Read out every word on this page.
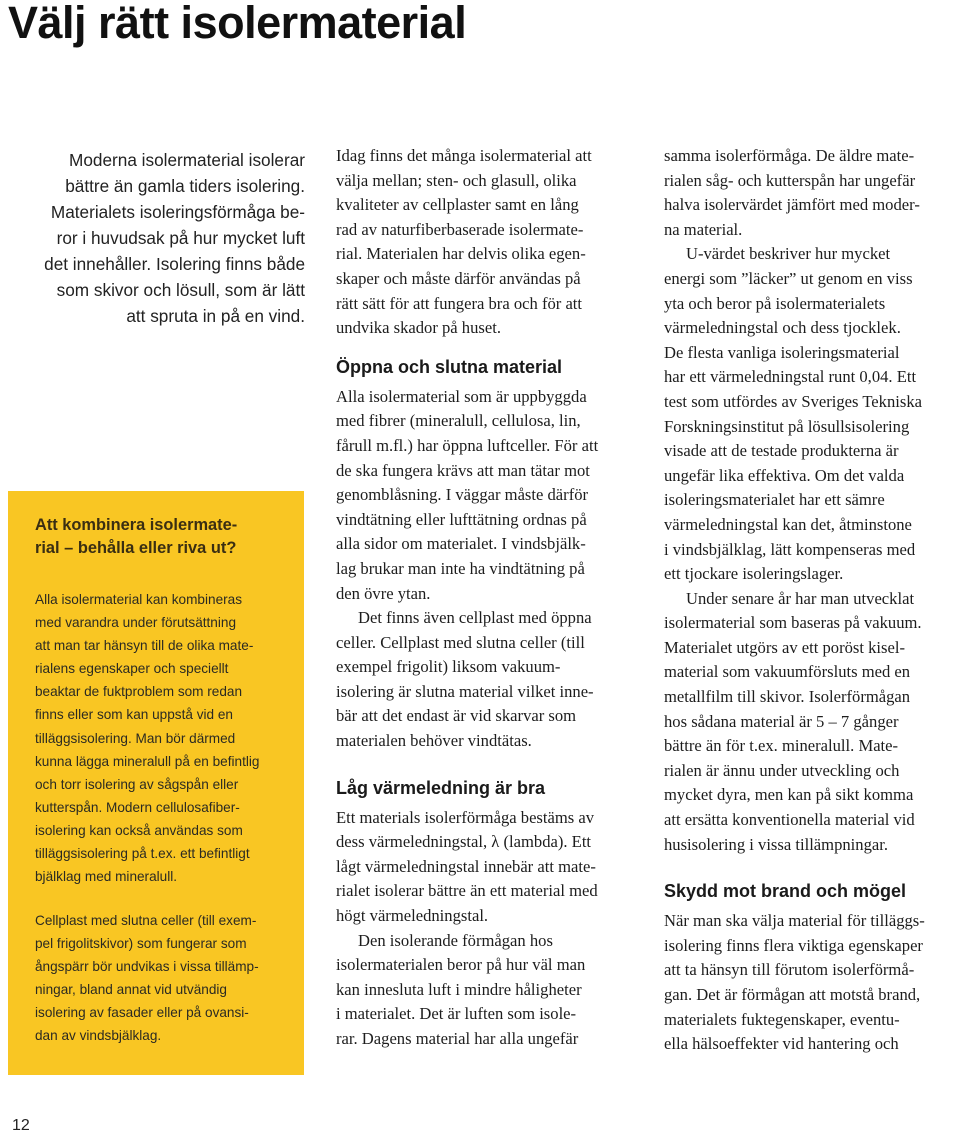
Välj rätt isolermaterial
Moderna isolermaterial isolerar
bättre än gamla tiders isolering.
Materialets isoleringsförmåga be-
ror i huvudsak på hur mycket luft
det innehåller. Isolering finns både
som skivor och lösull, som är lätt
att spruta in på en vind.
Att kombinera isolermate-
rial – behålla eller riva ut?
Alla isolermaterial kan kombineras
med varandra under förutsättning
att man tar hänsyn till de olika mate-
rialens egenskaper och speciellt
beaktar de fuktproblem som redan
finns eller som kan uppstå vid en
tilläggsisolering. Man bör därmed
kunna lägga mineralull på en befintlig
och torr isolering av sågspån eller
kutterspån. Modern cellulosafiber-
isolering kan också användas som
tilläggsisolering på t.ex. ett befintligt
bjälklag med mineralull.
Cellplast med slutna celler (till exem-
pel frigolitskivor) som fungerar som
ångspärr bör undvikas i vissa tillämp-
ningar, bland annat vid utvändig
isolering av fasader eller på ovansi-
dan av vindsbjälklag.

Idag finns det många isolermaterial att
välja mellan; sten- och glasull, olika
kvaliteter av cellplaster samt en lång
rad av naturfiberbaserade isolermate-
rial. Materialen har delvis olika egen-
skaper och måste därför användas på
rätt sätt för att fungera bra och för att
undvika skador på huset.

Öppna och slutna material

Alla isolermaterial som är uppbyggda
med fibrer (mineralull, cellulosa, lin,
fårull m.fl.) har öppna luftceller. För att
de ska fungera krävs att man tätar mot
genomblåsning. I väggar måste därför
vindtätning eller lufttätning ordnas på
alla sidor om materialet. I vindsbjälk-
lag brukar man inte ha vindtätning på
den övre ytan.

Det finns även cellplast med öppna
celler. Cellplast med slutna celler (till
exempel frigolit) liksom vakuum-
isolering är slutna material vilket inne-
bär att det endast är vid skarvar som
materialen behöver vindtätas.

Låg värmeledning är bra

Ett materials isolerförmåga bestäms av
dess värmeledningstal, λ (lambda). Ett
lågt värmeledningstal innebär att mate-
rialet isolerar bättre än ett material med
högt värmeledningstal.

Den isolerande förmågan hos
isolermaterialen beror på hur väl man
kan innesluta luft i mindre håligheter
i materialet. Det är luften som isole-
rar. Dagens material har alla ungefär

samma isolerförmåga. De äldre mate-
rialen såg- och kutterspån har ungefär
halva isolervärdet jämfört med moder-
na material.

U-värdet beskriver hur mycket
energi som ”läcker” ut genom en viss
yta och beror på isolermaterialets
värmeledningstal och dess tjocklek.
De flesta vanliga isoleringsmaterial
har ett värmeledningstal runt 0,04. Ett
test som utfördes av Sveriges Tekniska
Forskningsinstitut på lösullsisolering
visade att de testade produkterna är
ungefär lika effektiva. Om det valda
isoleringsmaterialet har ett sämre
värmeledningstal kan det, åtminstone
i vindsbjälklag, lätt kompenseras med
ett tjockare isoleringslager.

Under senare år har man utvecklat
isolermaterial som baseras på vakuum.
Materialet utgörs av ett poröst kisel-
material som vakuumförsluts med en
metallfilm till skivor. Isolerförmågan
hos sådana material är 5 – 7 gånger
bättre än för t.ex. mineralull. Mate-
rialen är ännu under utveckling och
mycket dyra, men kan på sikt komma
att ersätta konventionella material vid
husisolering i vissa tillämpningar.

Skydd mot brand och mögel

När man ska välja material för tilläggs-
isolering finns flera viktiga egenskaper
att ta hänsyn till förutom isolerförmå-
gan. Det är förmågan att motstå brand,
materialets fuktegenskaper, eventu-
ella hälsoeffekter vid hantering och

12
